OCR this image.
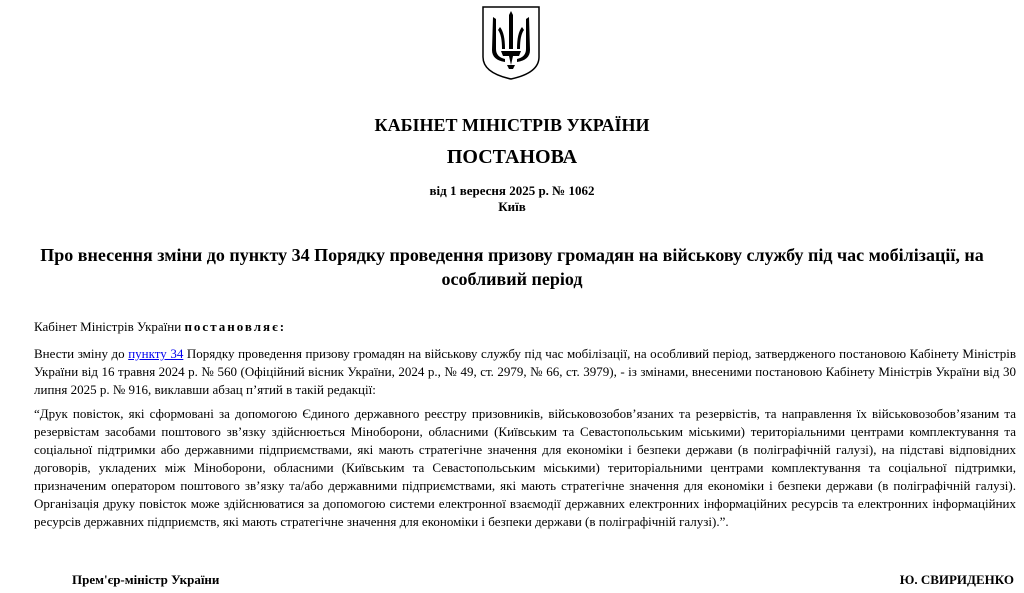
КАБІНЕТ МІНІСТРІВ УКРАЇНИ
ПОСТАНОВА
від 1 вересня 2025 р. № 1062
Київ
Про внесення зміни до пункту 34 Порядку проведення призову громадян на військову службу під час мобілізації, на особливий період
Кабінет Міністрів України постановляє:
Внести зміну до пункту 34 Порядку проведення призову громадян на військову службу під час мобілізації, на особливий період, затвердженого постановою Кабінету Міністрів України від 16 травня 2024 р. № 560 (Офіційний вісник України, 2024 р., № 49, ст. 2979, № 66, ст. 3979), - із змінами, внесеними постановою Кабінету Міністрів України від 30 липня 2025 р. № 916, виклавши абзац п’ятий в такій редакції:
“Друк повісток, які сформовані за допомогою Єдиного державного реєстру призовників, військовозобов’язаних та резервістів, та направлення їх військовозобов’язаним та резервістам засобами поштового зв’язку здійснюється Міноборони, обласними (Київським та Севастопольським міськими) територіальними центрами комплектування та соціальної підтримки або державними підприємствами, які мають стратегічне значення для економіки і безпеки держави (в поліграфічній галузі), на підставі відповідних договорів, укладених між Міноборони, обласними (Київським та Севастопольським міськими) територіальними центрами комплектування та соціальної підтримки, призначеним оператором поштового зв’язку та/або державними підприємствами, які мають стратегічне значення для економіки і безпеки держави (в поліграфічній галузі). Організація друку повісток може здійснюватися за допомогою системи електронної взаємодії державних електронних інформаційних ресурсів та електронних інформаційних ресурсів державних підприємств, які мають стратегічне значення для економіки і безпеки держави (в поліграфічній галузі).”.
Прем'єр-міністр України	Ю. СВИРИДЕНКО
